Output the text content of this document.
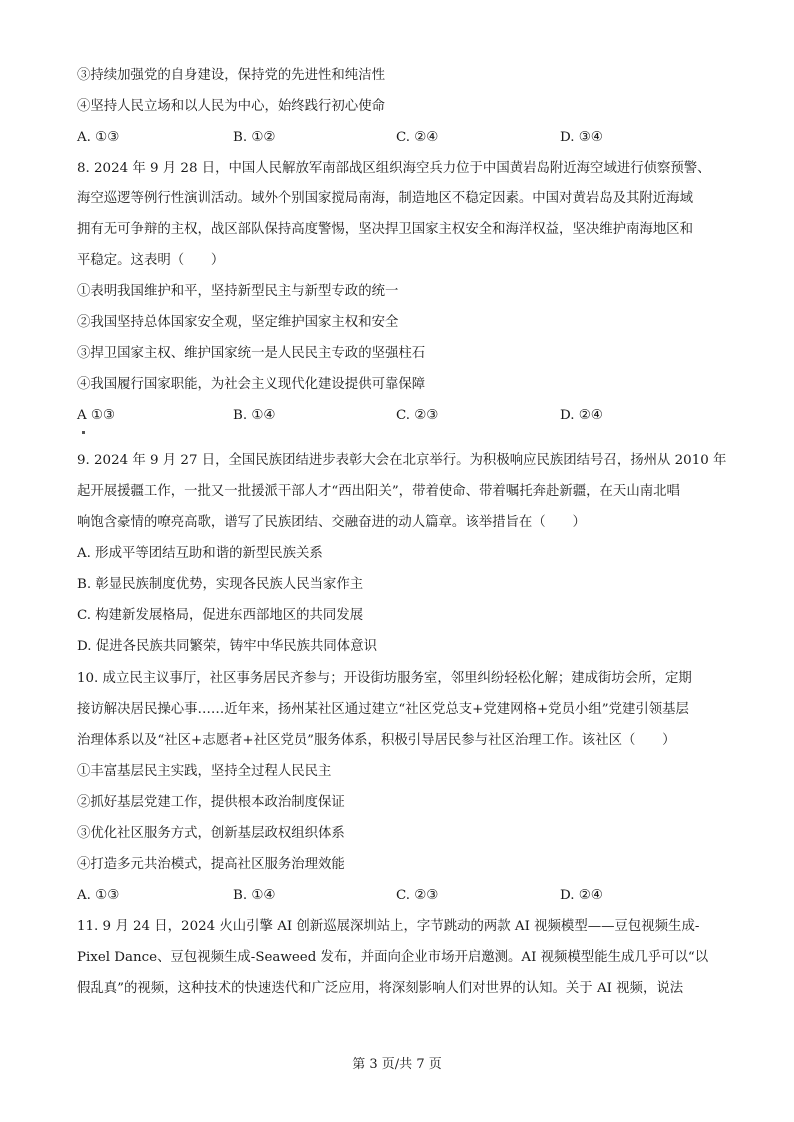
③持续加强党的自身建设，保持党的先进性和纯洁性
④坚持人民立场和以人民为中心，始终践行初心使命
A. ①③	B. ①②	C. ②④	D. ③④
8. 2024 年 9 月 28 日，中国人民解放军南部战区组织海空兵力位于中国黄岩岛附近海空域进行侦察预警、
海空巡逻等例行性演训活动。域外个别国家搅局南海，制造地区不稳定因素。中国对黄岩岛及其附近海域
拥有无可争辩的主权，战区部队保持高度警惕，坚决捍卫国家主权安全和海洋权益，坚决维护南海地区和
平稳定。这表明（　　）
①表明我国维护和平，坚持新型民主与新型专政的统一
②我国坚持总体国家安全观，坚定维护国家主权和安全
③捍卫国家主权、维护国家统一是人民民主专政的坚强柱石
④我国履行国家职能，为社会主义现代化建设提供可靠保障
A ①③	B. ①④	C. ②③	D. ②④
9. 2024 年 9 月 27 日，全国民族团结进步表彰大会在北京举行。为积极响应民族团结号召，扬州从 2010 年
起开展援疆工作，一批又一批援派干部人才“西出阳关”，带着使命、带着嘱托奔赴新疆，在天山南北唱
响饱含豪情的嘹亮高歌，谱写了民族团结、交融奋进的动人篇章。该举措旨在（　　）
A. 形成平等团结互助和谐的新型民族关系
B. 彰显民族制度优势，实现各民族人民当家作主
C. 构建新发展格局，促进东西部地区的共同发展
D. 促进各民族共同繁荣，铸牢中华民族共同体意识
10. 成立民主议事厅，社区事务居民齐参与；开设街坊服务室，邻里纠纷轻松化解；建成街坊会所，定期
接访解决居民操心事……近年来，扬州某社区通过建立“社区党总支+党建网格+党员小组”党建引领基层
治理体系以及“社区+志愿者+社区党员”服务体系，积极引导居民参与社区治理工作。该社区（　　）
①丰富基层民主实践，坚持全过程人民民主
②抓好基层党建工作，提供根本政治制度保证
③优化社区服务方式，创新基层政权组织体系
④打造多元共治模式，提高社区服务治理效能
A. ①③	B. ①④	C. ②③	D. ②④
11. 9 月 24 日，2024 火山引擎 AI 创新巡展深圳站上，字节跳动的两款 AI 视频模型——豆包视频生成-
Pixel Dance、豆包视频生成-Seaweed 发布，并面向企业市场开启邀测。AI 视频模型能生成几乎可以“以
假乱真”的视频，这种技术的快速迭代和广泛应用，将深刻影响人们对世界的认知。关于 AI 视频，说法
第 3 页/共 7 页
